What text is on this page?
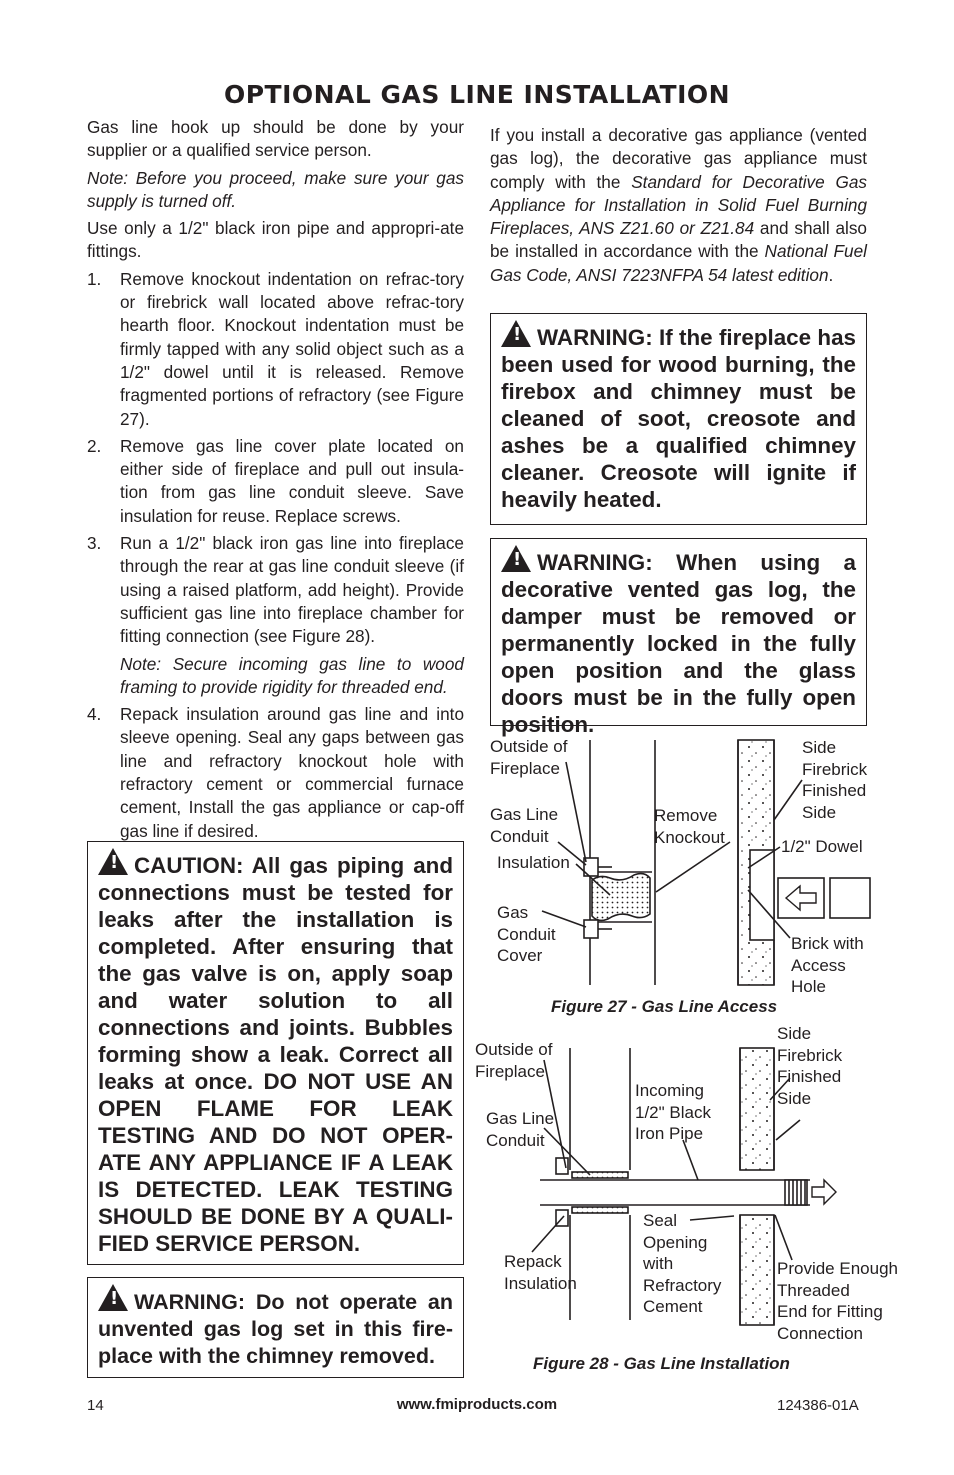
OPTIONAL GAS LINE INSTALLATION

Gas line hook up should be done by your supplier or a qualified service person.

Note: Before you proceed, make sure your gas supply is turned off.

Use only a 1/2" black iron pipe and appropri-ate fittings.

1. Remove knockout indentation on refrac-tory or firebrick wall located above refrac-tory hearth floor. Knockout indentation must be firmly tapped with any solid object such as a 1/2" dowel until it is released. Remove fragmented portions of refractory (see Figure 27).
2. Remove gas line cover plate located on either side of fireplace and pull out insula-tion from gas line conduit sleeve. Save insulation for reuse. Replace screws.
3. Run a 1/2" black iron gas line into fireplace through the rear at gas line conduit sleeve (if using a raised platform, add height). Provide sufficient gas line into fireplace chamber for fitting connection (see Figure 28).

Note: Secure incoming gas line to wood framing to provide rigidity for threaded end.

4. Repack insulation around gas line and into sleeve opening. Seal any gaps between gas line and refractory knockout hole with refractory cement or commercial furnace cement, Install the gas appliance or cap-off gas line if desired.
!CAUTION: All gas piping and connections must be tested for leaks after the installation is completed. After ensuring that the gas valve is on, apply soap and water solution to all connections and joints. Bubbles forming show a leak. Correct all leaks at once. DO NOT USE AN OPEN FLAME FOR LEAK TESTING AND DO NOT OPER-ATE ANY APPLIANCE IF A LEAK IS DETECTED. LEAK TESTING SHOULD BE DONE BY A QUALI-FIED SERVICE PERSON.
!WARNING: Do not operate an unvented gas log set in this fire-place with the chimney removed.

If you install a decorative gas appliance (vented gas log), the decorative gas appliance must comply with the Standard for Decorative Gas Appliance for Installation in Solid Fuel Burning Fireplaces, ANS Z21.60 or Z21.84 and shall also be installed in accordance with the National Fuel Gas Code, ANSI 7223NFPA 54 latest edition.

!WARNING: If the fireplace has been used for wood burning, the firebox and chimney must be cleaned of soot, creosote and ashes be a qualified chimney cleaner. Creosote will ignite if heavily heated.
!WARNING: When using a decorative vented gas log, the damper must be removed or permanently locked in the fully open position and the glass doors must be in the fully open position.
Outside of
Fireplace
Gas Line
Conduit
Insulation
Gas
Conduit
Cover
Remove
Knockout
Side
Firebrick
Finished
Side
1/2" Dowel
Brick with
Access
Hole
Figure 27 - Gas Line Access
Outside of
Fireplace
Gas Line
Conduit
Incoming
1/2" Black
Iron Pipe
Side
Firebrick
Finished
Side
Repack
Insulation
Seal
Opening
with
Refractory
Cement
Provide Enough
Threaded
End for Fitting
Connection
Figure 28 - Gas Line Installation
14	www.fmiproducts.com	124386-01A
